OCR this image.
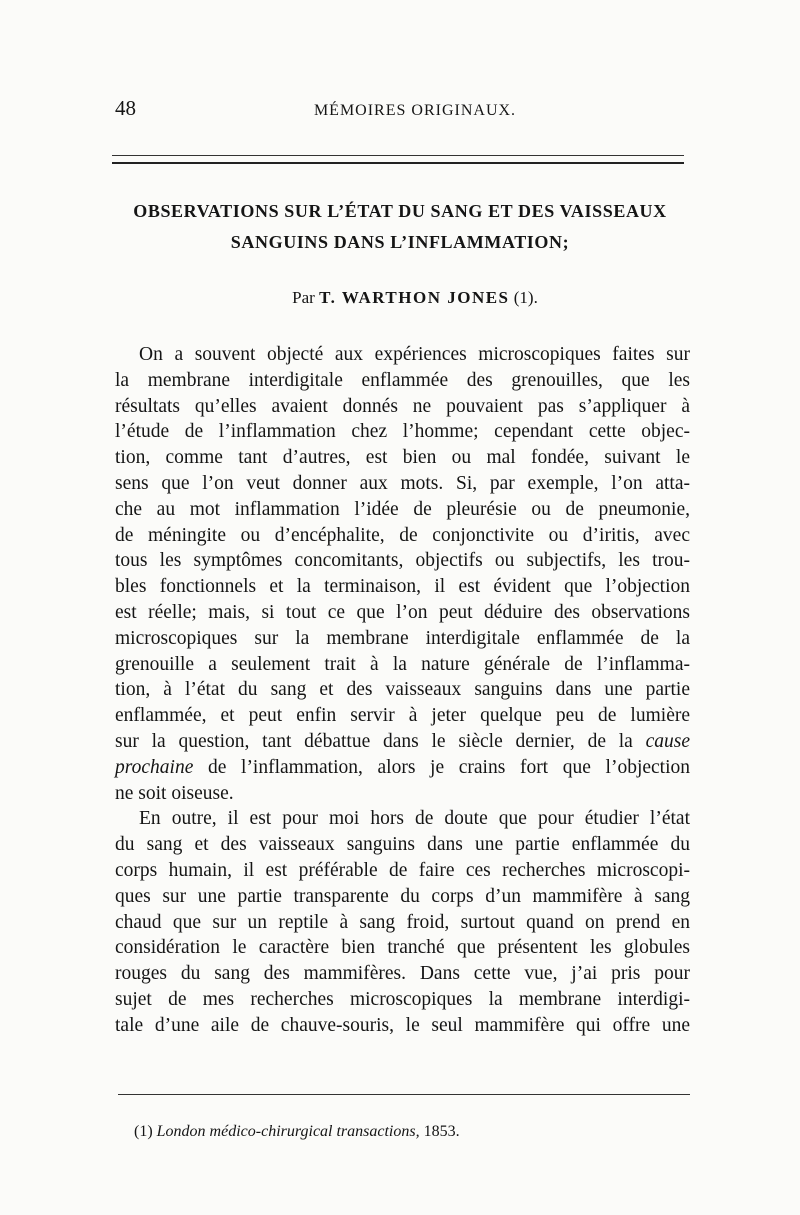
48	MÉMOIRES ORIGINAUX.
OBSERVATIONS SUR L’ÉTAT DU SANG ET DES VAISSEAUX
SANGUINS DANS L’INFLAMMATION;
Par T. WARTHON JONES (1).
On a souvent objecté aux expériences microscopiques faites sur
la membrane interdigitale enflammée des grenouilles, que les
résultats qu’elles avaient donnés ne pouvaient pas s’appliquer à
l’étude de l’inflammation chez l’homme; cependant cette objec-
tion, comme tant d’autres, est bien ou mal fondée, suivant le
sens que l’on veut donner aux mots. Si, par exemple, l’on atta-
che au mot inflammation l’idée de pleurésie ou de pneumonie,
de méningite ou d’encéphalite, de conjonctivite ou d’iritis, avec
tous les symptômes concomitants, objectifs ou subjectifs, les trou-
bles fonctionnels et la terminaison, il est évident que l’objection
est réelle; mais, si tout ce que l’on peut déduire des observations
microscopiques sur la membrane interdigitale enflammée de la
grenouille a seulement trait à la nature générale de l’inflamma-
tion, à l’état du sang et des vaisseaux sanguins dans une partie
enflammée, et peut enfin servir à jeter quelque peu de lumière
sur la question, tant débattue dans le siècle dernier, de la cause
prochaine de l’inflammation, alors je crains fort que l’objection
ne soit oiseuse.
En outre, il est pour moi hors de doute que pour étudier l’état
du sang et des vaisseaux sanguins dans une partie enflammée du
corps humain, il est préférable de faire ces recherches microscopi-
ques sur une partie transparente du corps d’un mammifère à sang
chaud que sur un reptile à sang froid, surtout quand on prend en
considération le caractère bien tranché que présentent les globules
rouges du sang des mammifères. Dans cette vue, j’ai pris pour
sujet de mes recherches microscopiques la membrane interdigi-
tale d’une aile de chauve-souris, le seul mammifère qui offre une
(1) London médico-chirurgical transactions, 1853.
